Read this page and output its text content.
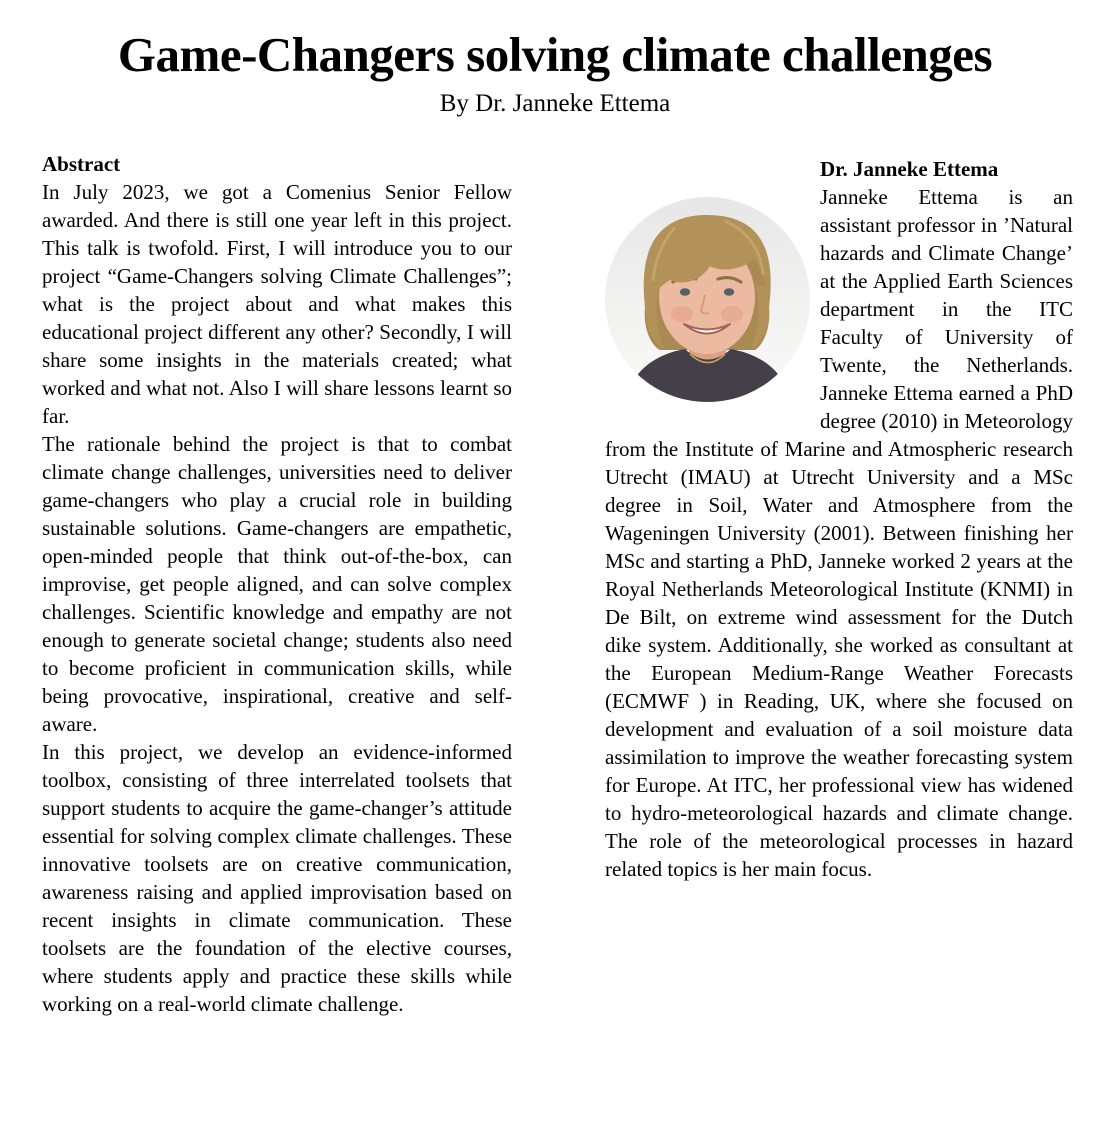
Game-Changers solving climate challenges
By Dr. Janneke Ettema
Abstract

In July 2023, we got a Comenius Senior Fellow awarded. And there is still one year left in this project. This talk is twofold. First, I will introduce you to our project “Game-Changers solving Climate Challenges”; what is the project about and what makes this educational project different any other? Secondly, I will share some insights in the materials created; what worked and what not. Also I will share lessons learnt so far.

The rationale behind the project is that to combat climate change challenges, universities need to deliver game-changers who play a crucial role in building sustainable solutions. Game-changers are empathetic, open-minded people that think out-of-the-box, can improvise, get people aligned, and can solve complex challenges. Scientific knowledge and empathy are not enough to generate societal change; students also need to become proficient in communication skills, while being provocative, inspirational, creative and self-aware.

In this project, we develop an evidence-informed toolbox, consisting of three interrelated toolsets that support students to acquire the game-changer’s attitude essential for solving complex climate challenges. These innovative toolsets are on creative communication, awareness raising and applied improvisation based on recent insights in climate communication. These toolsets are the foundation of the elective courses, where students apply and practice these skills while working on a real-world climate challenge.

Dr. Janneke Ettema

Janneke Ettema is an assistant professor in ’Natural hazards and Climate Change’ at the Applied Earth Sciences department in the ITC Faculty of University of Twente, the Netherlands. Janneke Ettema earned a PhD degree (2010) in Meteorology from the Institute of Marine and Atmospheric research Utrecht (IMAU) at Utrecht University and a MSc degree in Soil, Water and Atmosphere from the Wageningen University (2001). Between finishing her MSc and starting a PhD, Janneke worked 2 years at the Royal Netherlands Meteorological Institute (KNMI) in De Bilt, on extreme wind assessment for the Dutch dike system. Additionally, she worked as consultant at the European Medium-Range Weather Forecasts (ECMWF ) in Reading, UK, where she focused on development and evaluation of a soil moisture data assimilation to improve the weather forecasting system for Europe. At ITC, her professional view has widened to hydro-meteorological hazards and climate change. The role of the meteorological processes in hazard related topics is her main focus.
